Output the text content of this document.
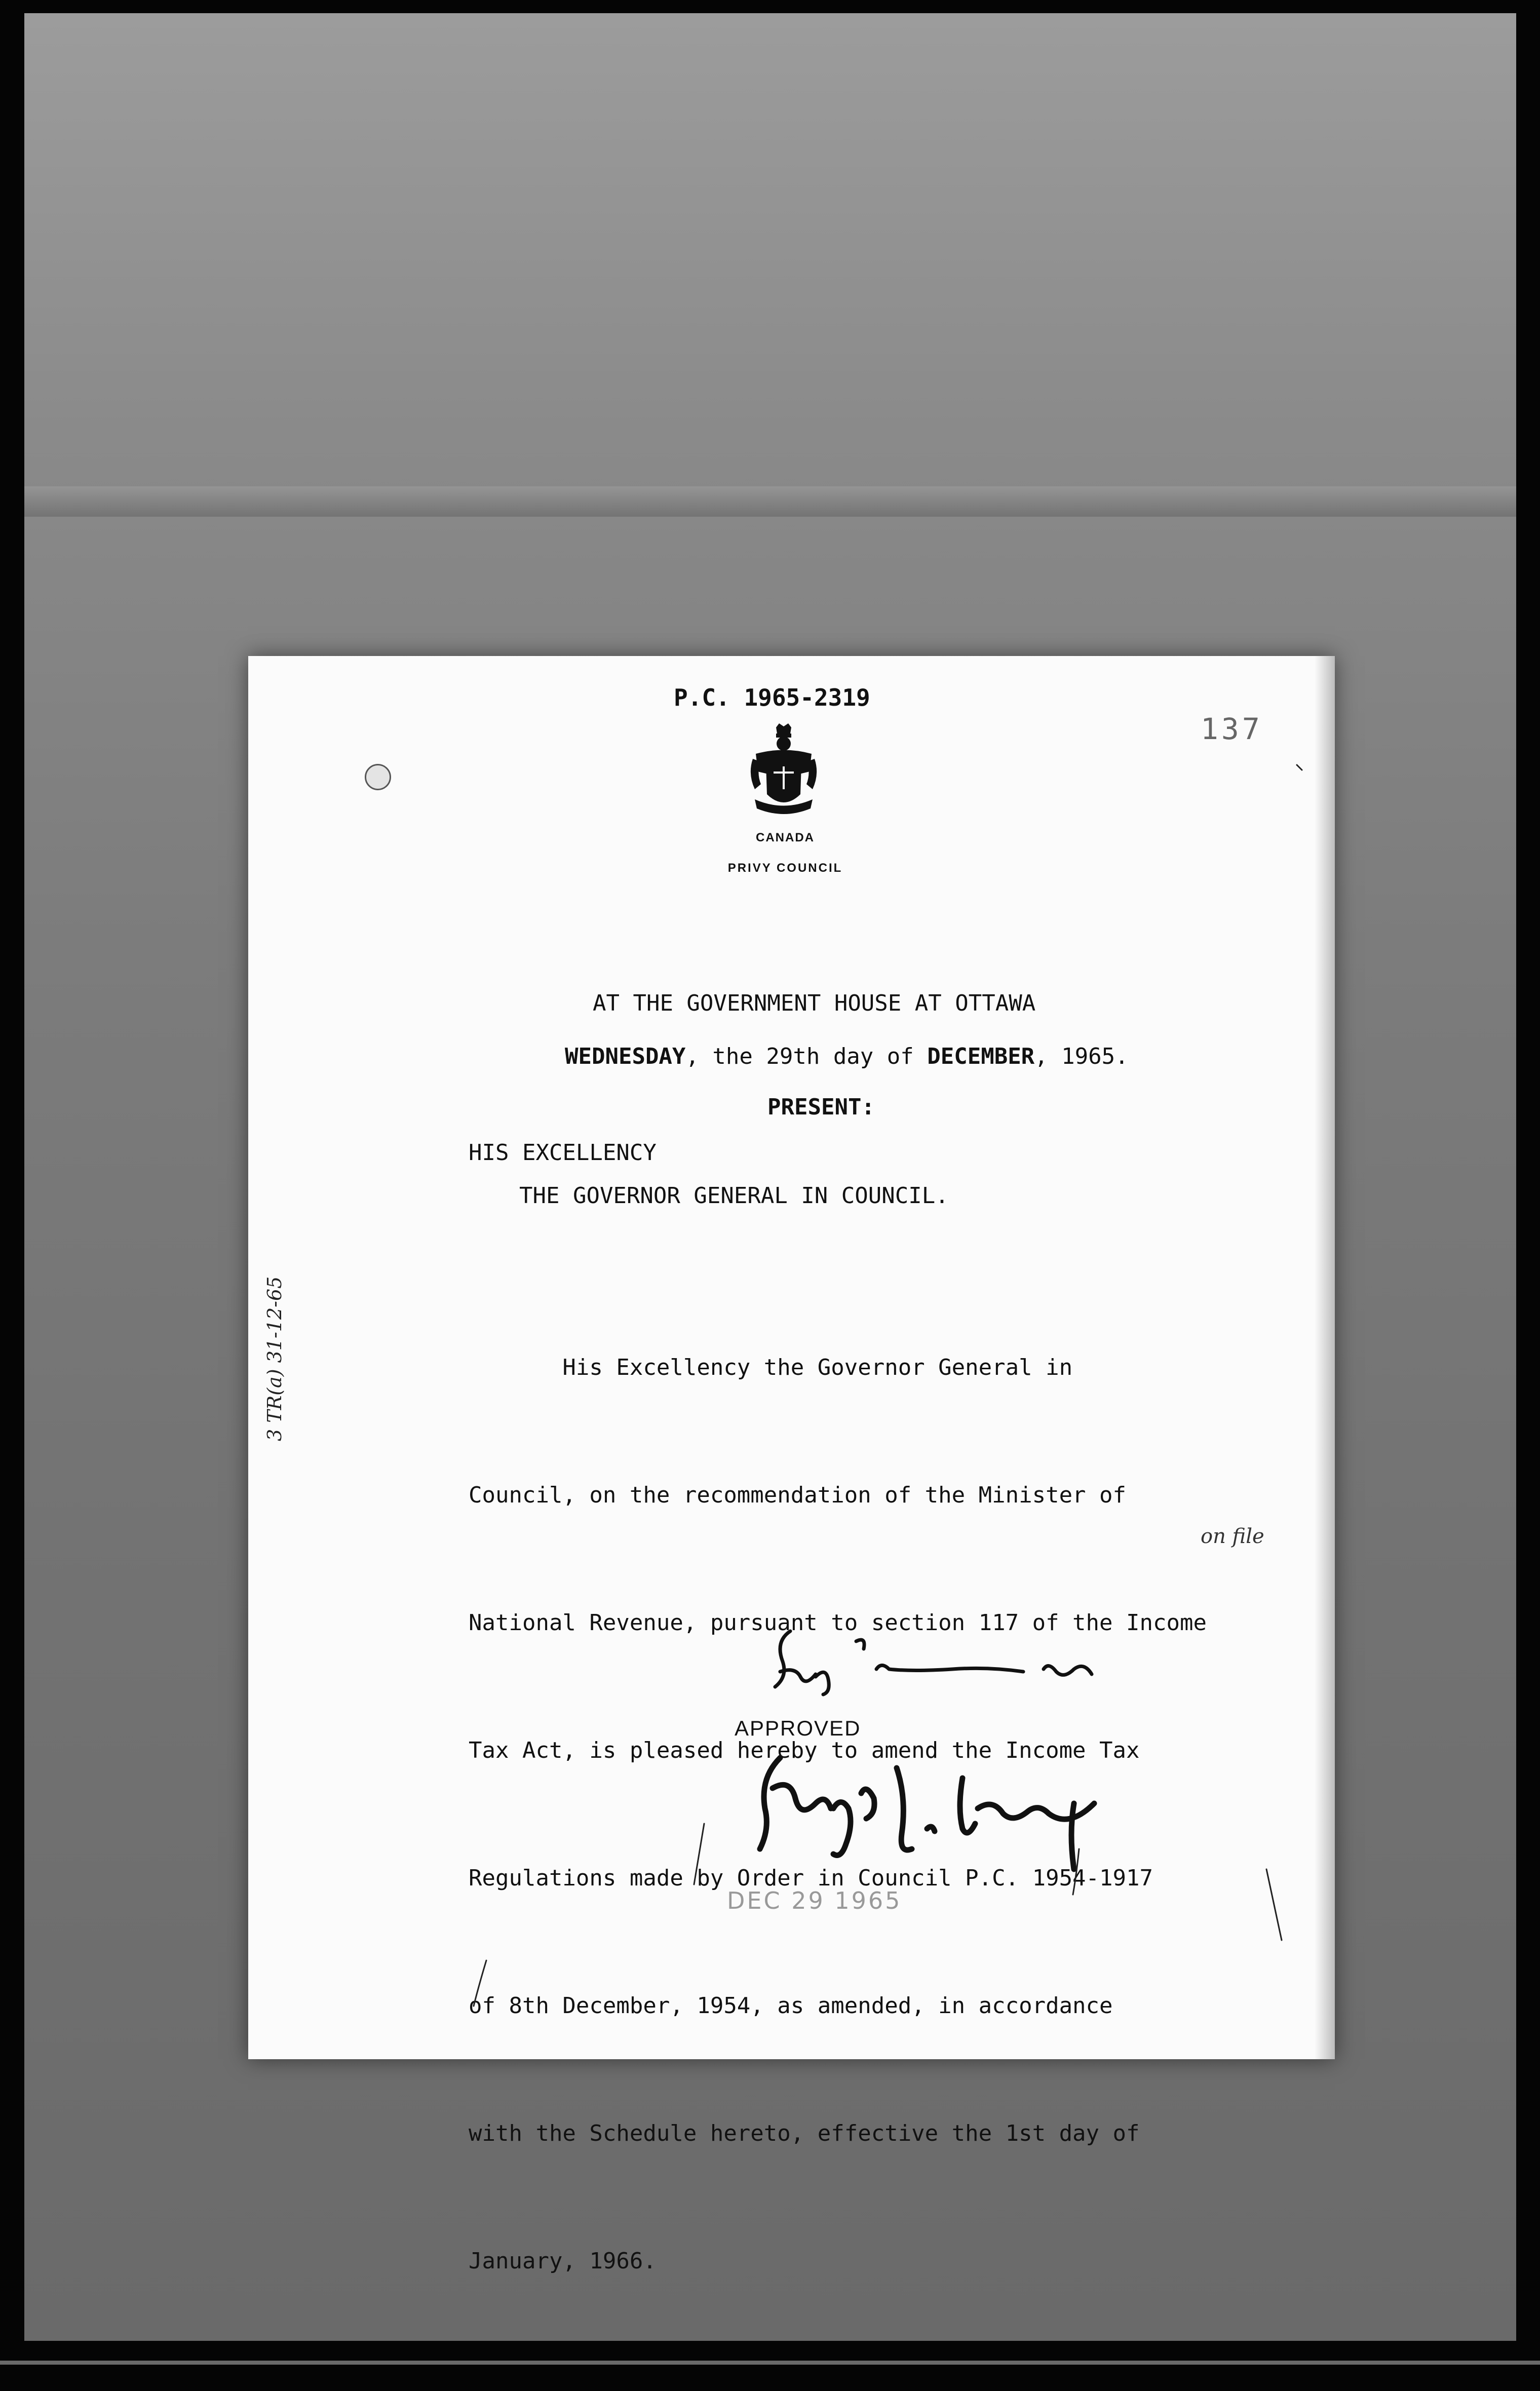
P.C. 1965-2319
137
CANADA
PRIVY COUNCIL
AT THE GOVERNMENT HOUSE AT OTTAWA
WEDNESDAY, the 29th day of DECEMBER, 1965.
PRESENT:
HIS EXCELLENCY
THE GOVERNOR GENERAL IN COUNCIL.

His Excellency the Governor General in

Council, on the recommendation of the Minister of

National Revenue, pursuant to section 117 of the Income

Tax Act, is pleased hereby to amend the Income Tax

Regulations made by Order in Council P.C. 1954-1917

of 8th December, 1954, as amended, in accordance

with the Schedule hereto, effective the 1st day of

January, 1966.

APPROVED
DEC 29 1965
3 TR(a) 31-12-65
on file
